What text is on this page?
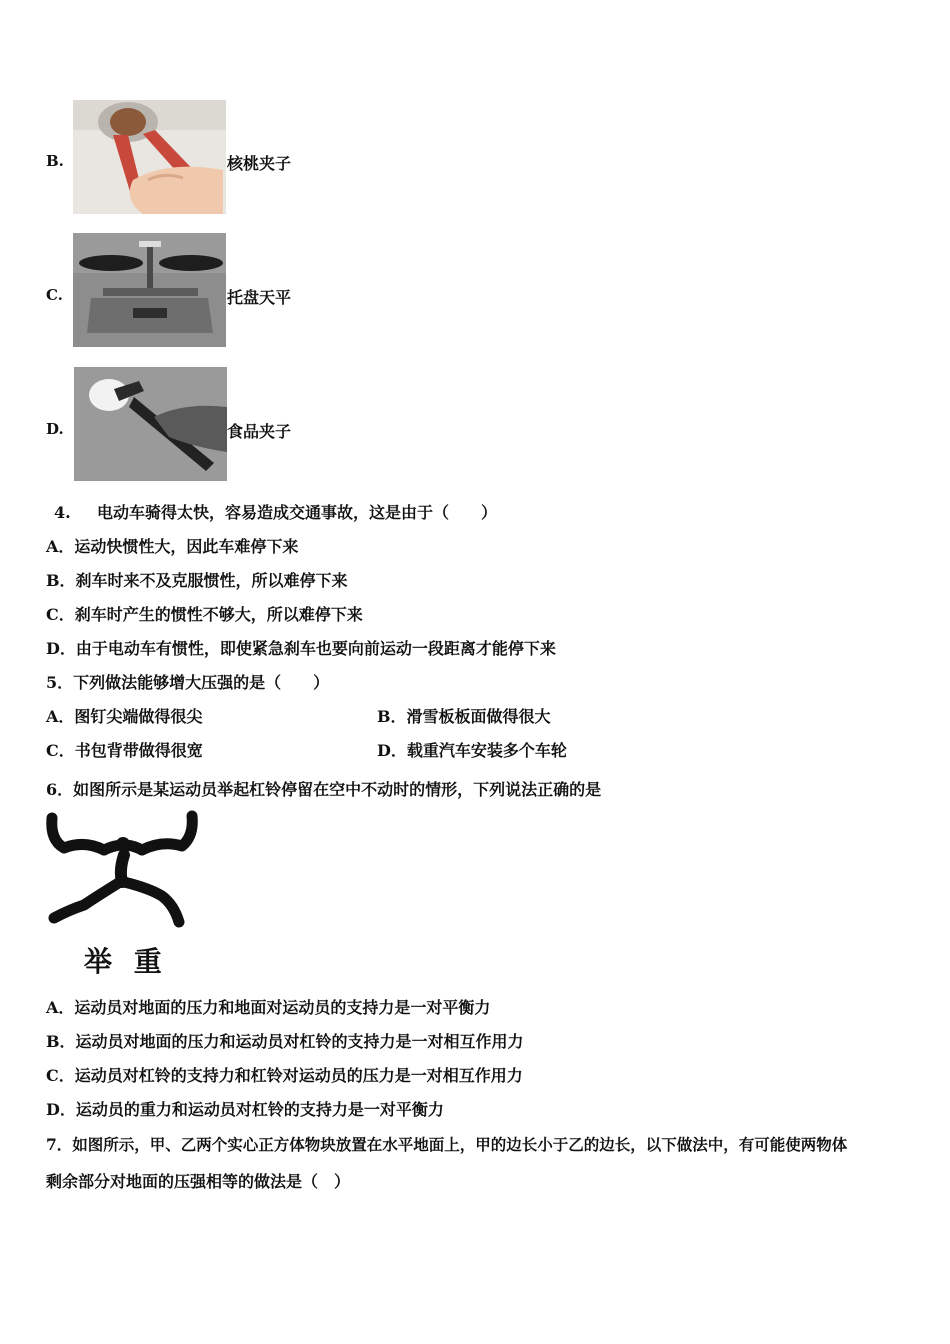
B.	核桃夹子
C.	托盘天平
D.	食品夹子
4. 电动车骑得太快，容易造成交通事故，这是由于（　　）
A．运动快惯性大，因此车难停下来
B．刹车时来不及克服惯性，所以难停下来
C．刹车时产生的惯性不够大，所以难停下来
D．由于电动车有惯性，即使紧急刹车也要向前运动一段距离才能停下来
5．下列做法能够增大压强的是（　　）
A．图钉尖端做得很尖	B．滑雪板板面做得很大
C．书包背带做得很宽	D．载重汽车安装多个车轮
6．如图所示是某运动员举起杠铃停留在空中不动时的情形，下列说法正确的是
举 重
A．运动员对地面的压力和地面对运动员的支持力是一对平衡力
B．运动员对地面的压力和运动员对杠铃的支持力是一对相互作用力
C．运动员对杠铃的支持力和杠铃对运动员的压力是一对相互作用力
D．运动员的重力和运动员对杠铃的支持力是一对平衡力
7．如图所示，甲、乙两个实心正方体物块放置在水平地面上，甲的边长小于乙的边长，以下做法中，有可能使两物体
剩余部分对地面的压强相等的做法是（　）
